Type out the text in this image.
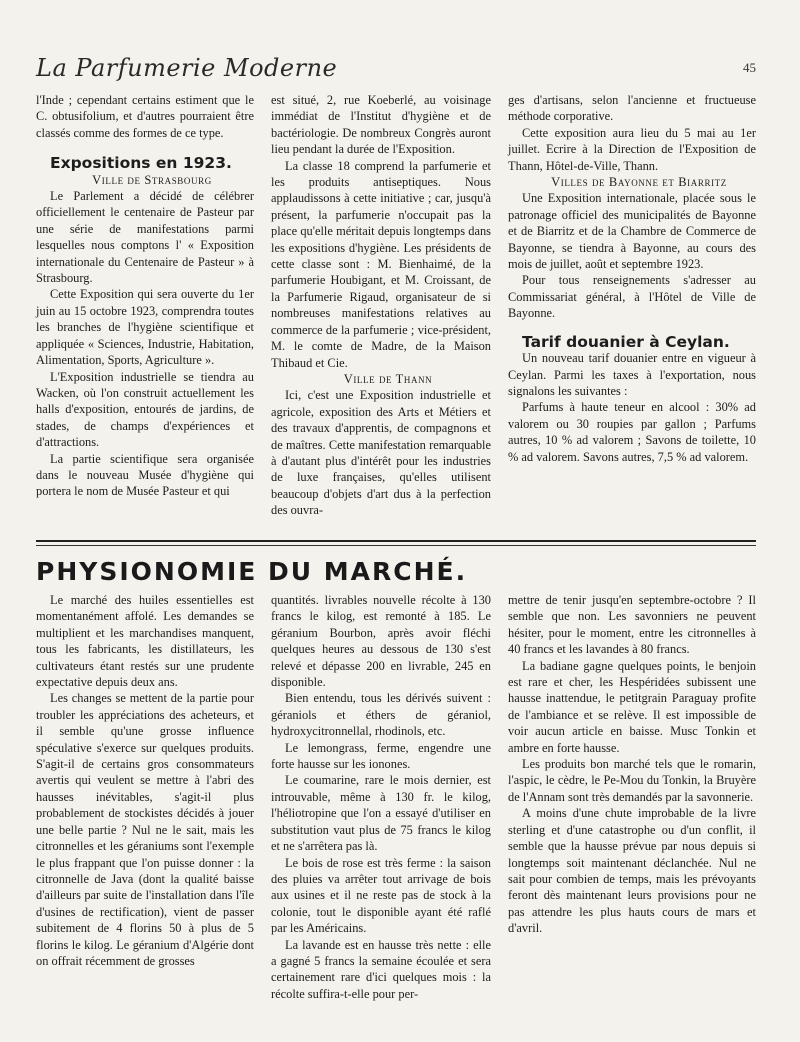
La Parfumerie Moderne	45

l'Inde ; cependant certains estiment que le C. obtusifolium, et d'autres pourraient être classés comme des formes de ce type.

Expositions en 1923.

Ville de Strasbourg

Le Parlement a décidé de célébrer officiellement le centenaire de Pasteur par une série de manifestations parmi lesquelles nous comptons l' « Exposition internationale du Centenaire de Pasteur » à Strasbourg.

Cette Exposition qui sera ouverte du 1er juin au 15 octobre 1923, comprendra toutes les branches de l'hygiène scientifique et appliquée « Sciences, Industrie, Habitation, Alimentation, Sports, Agriculture ».

L'Exposition industrielle se tiendra au Wacken, où l'on construit actuellement les halls d'exposition, entourés de jardins, de stades, de champs d'expériences et d'attractions.

La partie scientifique sera organisée dans le nouveau Musée d'hygiène qui portera le nom de Musée Pasteur et qui

est situé, 2, rue Koeberlé, au voisinage immédiat de l'Institut d'hygiène et de bactériologie. De nombreux Congrès auront lieu pendant la durée de l'Exposition.

La classe 18 comprend la parfumerie et les produits antiseptiques. Nous applaudissons à cette initiative ; car, jusqu'à présent, la parfumerie n'occupait pas la place qu'elle méritait depuis longtemps dans les expositions d'hygiène. Les présidents de cette classe sont : M. Bienhaimé, de la parfumerie Houbigant, et M. Croissant, de la Parfumerie Rigaud, organisateur de si nombreuses manifestations relatives au commerce de la parfumerie ; vice-président, M. le comte de Madre, de la Maison Thibaud et Cie.

Ville de Thann

Ici, c'est une Exposition industrielle et agricole, exposition des Arts et Métiers et des travaux d'apprentis, de compagnons et de maîtres. Cette manifestation remarquable à d'autant plus d'intérêt pour les industries de luxe françaises, qu'elles utilisent beaucoup d'objets d'art dus à la perfection des ouvra-

ges d'artisans, selon l'ancienne et fructueuse méthode corporative.

Cette exposition aura lieu du 5 mai au 1er juillet. Ecrire à la Direction de l'Exposition de Thann, Hôtel-de-Ville, Thann.

Villes de Bayonne et Biarritz

Une Exposition internationale, placée sous le patronage officiel des municipalités de Bayonne et de Biarritz et de la Chambre de Commerce de Bayonne, se tiendra à Bayonne, au cours des mois de juillet, août et septembre 1923.

Pour tous renseignements s'adresser au Commissariat général, à l'Hôtel de Ville de Bayonne.

Tarif douanier à Ceylan.

Un nouveau tarif douanier entre en vigueur à Ceylan. Parmi les taxes à l'exportation, nous signalons les suivantes :

Parfums à haute teneur en alcool : 30% ad valorem ou 30 roupies par gallon ; Parfums autres, 10 % ad valorem ; Savons de toilette, 10 % ad valorem. Savons autres, 7,5 % ad valorem.

PHYSIONOMIE DU MARCHÉ.

Le marché des huiles essentielles est momentanément affolé. Les demandes se multiplient et les marchandises manquent, tous les fabricants, les distillateurs, les cultivateurs étant restés sur une prudente expectative depuis deux ans.

Les changes se mettent de la partie pour troubler les appréciations des acheteurs, et il semble qu'une grosse influence spéculative s'exerce sur quelques produits. S'agit-il de certains gros consommateurs avertis qui veulent se mettre à l'abri des hausses inévitables, s'agit-il plus probablement de stockistes décidés à jouer une belle partie ? Nul ne le sait, mais les citronnelles et les géraniums sont l'exemple le plus frappant que l'on puisse donner : la citronnelle de Java (dont la qualité baisse d'ailleurs par suite de l'installation dans l'île d'usines de rectification), vient de passer subitement de 4 florins 50 à plus de 5 florins le kilog. Le géranium d'Algérie dont on offrait récemment de grosses

quantités. livrables nouvelle récolte à 130 francs le kilog, est remonté à 185. Le géranium Bourbon, après avoir fléchi quelques heures au dessous de 130 s'est relevé et dépasse 200 en livrable, 245 en disponible.

Bien entendu, tous les dérivés suivent : géraniols et éthers de géraniol, hydroxycitronnellal, rhodinols, etc.

Le lemongrass, ferme, engendre une forte hausse sur les ionones.

Le coumarine, rare le mois dernier, est introuvable, même à 130 fr. le kilog, l'héliotropine que l'on a essayé d'utiliser en substitution vaut plus de 75 francs le kilog et ne s'arrêtera pas là.

Le bois de rose est très ferme : la saison des pluies va arrêter tout arrivage de bois aux usines et il ne reste pas de stock à la colonie, tout le disponible ayant été raflé par les Américains.

La lavande est en hausse très nette : elle a gagné 5 francs la semaine écoulée et sera certainement rare d'ici quelques mois : la récolte suffira-t-elle pour per-

mettre de tenir jusqu'en septembre-octobre ? Il semble que non. Les savonniers ne peuvent hésiter, pour le moment, entre les citronnelles à 40 francs et les lavandes à 80 francs.

La badiane gagne quelques points, le benjoin est rare et cher, les Hespéridées subissent une hausse inattendue, le petitgrain Paraguay profite de l'ambiance et se relève. Il est impossible de voir aucun article en baisse. Musc Tonkin et ambre en forte hausse.

Les produits bon marché tels que le romarin, l'aspic, le cèdre, le Pe-Mou du Tonkin, la Bruyère de l'Annam sont très demandés par la savonnerie.

A moins d'une chute improbable de la livre sterling et d'une catastrophe ou d'un conflit, il semble que la hausse prévue par nous depuis si longtemps soit maintenant déclanchée. Nul ne sait pour combien de temps, mais les prévoyants feront dès maintenant leurs provisions pour ne pas attendre les plus hauts cours de mars et d'avril.
